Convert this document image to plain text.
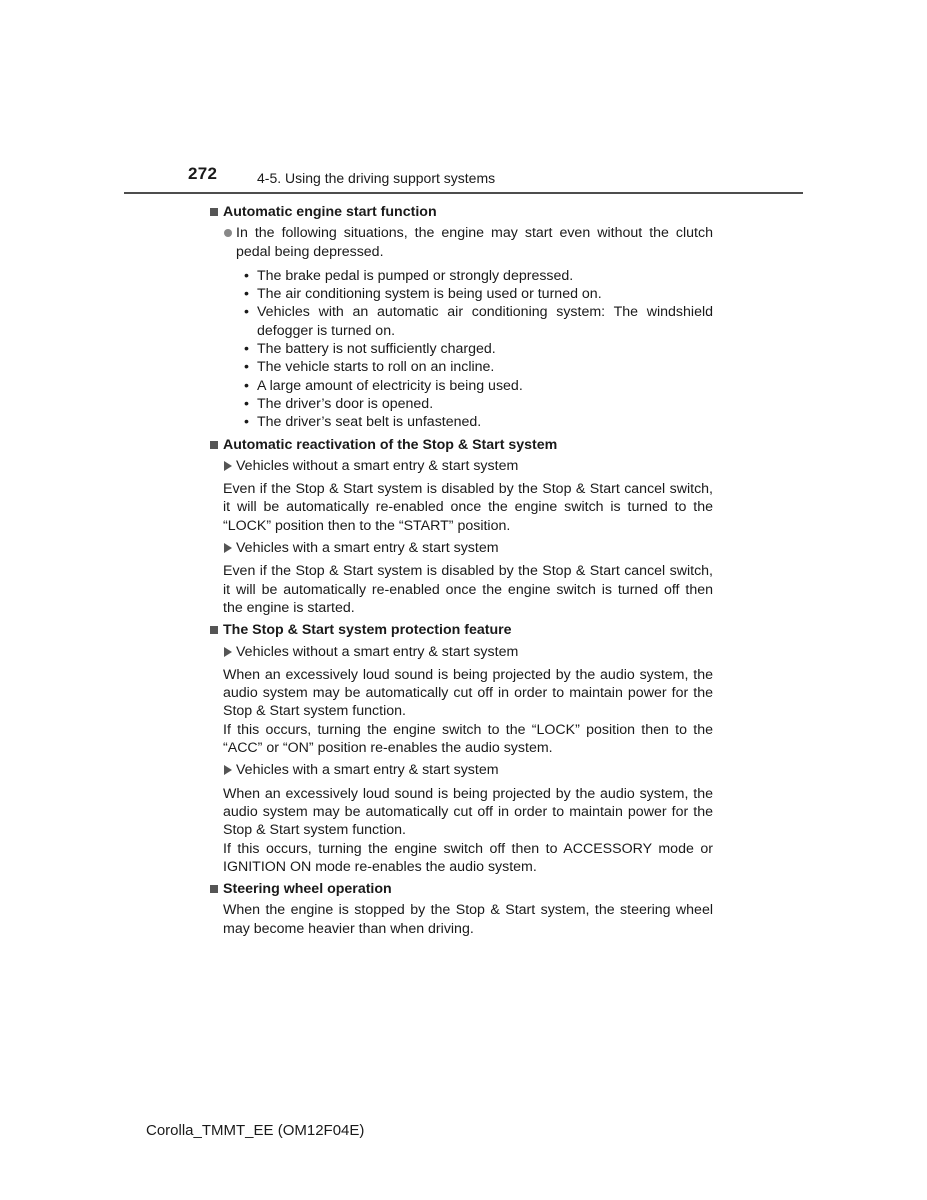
272	4-5. Using the driving support systems
Automatic engine start function
In the following situations, the engine may start even without the clutch pedal being depressed.
• The brake pedal is pumped or strongly depressed.
• The air conditioning system is being used or turned on.
• Vehicles with an automatic air conditioning system: The windshield defogger is turned on.
• The battery is not sufficiently charged.
• The vehicle starts to roll on an incline.
• A large amount of electricity is being used.
• The driver’s door is opened.
• The driver’s seat belt is unfastened.
Automatic reactivation of the Stop & Start system
Vehicles without a smart entry & start system
Even if the Stop & Start system is disabled by the Stop & Start cancel switch, it will be automatically re-enabled once the engine switch is turned to the “LOCK” position then to the “START” position.
Vehicles with a smart entry & start system
Even if the Stop & Start system is disabled by the Stop & Start cancel switch, it will be automatically re-enabled once the engine switch is turned off then the engine is started.
The Stop & Start system protection feature
Vehicles without a smart entry & start system
When an excessively loud sound is being projected by the audio system, the audio system may be automatically cut off in order to maintain power for the Stop & Start system function.
If this occurs, turning the engine switch to the “LOCK” position then to the “ACC” or “ON” position re-enables the audio system.
Vehicles with a smart entry & start system
When an excessively loud sound is being projected by the audio system, the audio system may be automatically cut off in order to maintain power for the Stop & Start system function.
If this occurs, turning the engine switch off then to ACCESSORY mode or IGNITION ON mode re-enables the audio system.
Steering wheel operation
When the engine is stopped by the Stop & Start system, the steering wheel may become heavier than when driving.
Corolla_TMMT_EE (OM12F04E)
